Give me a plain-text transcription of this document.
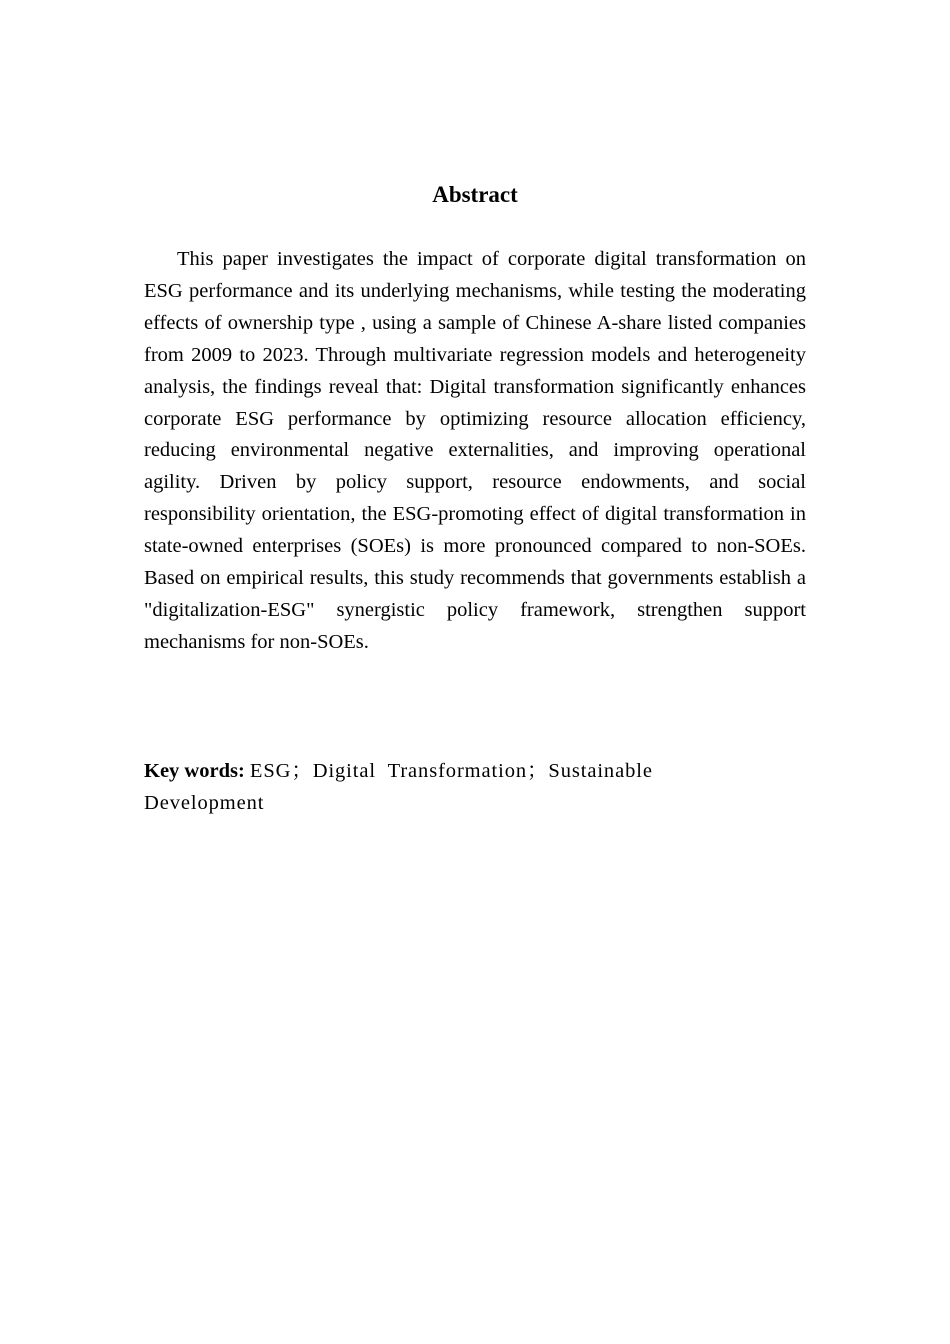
Abstract

This paper investigates the impact of corporate digital transformation on ESG performance and its underlying mechanisms, while testing the moderating effects of ownership type , using a sample of Chinese A-share listed companies from 2009 to 2023. Through multivariate regression models and heterogeneity analysis, the findings reveal that: Digital transformation significantly enhances corporate ESG performance by optimizing resource allocation efficiency, reducing environmental negative externalities, and improving operational agility. Driven by policy support, resource endowments, and social responsibility orientation, the ESG-promoting effect of digital transformation in state-owned enterprises (SOEs) is more pronounced compared to non-SOEs. Based on empirical results, this study recommends that governments establish a "digitalization-ESG" synergistic policy framework, strengthen support mechanisms for non-SOEs.

Key words: ESG；Digital Transformation；Sustainable Development
